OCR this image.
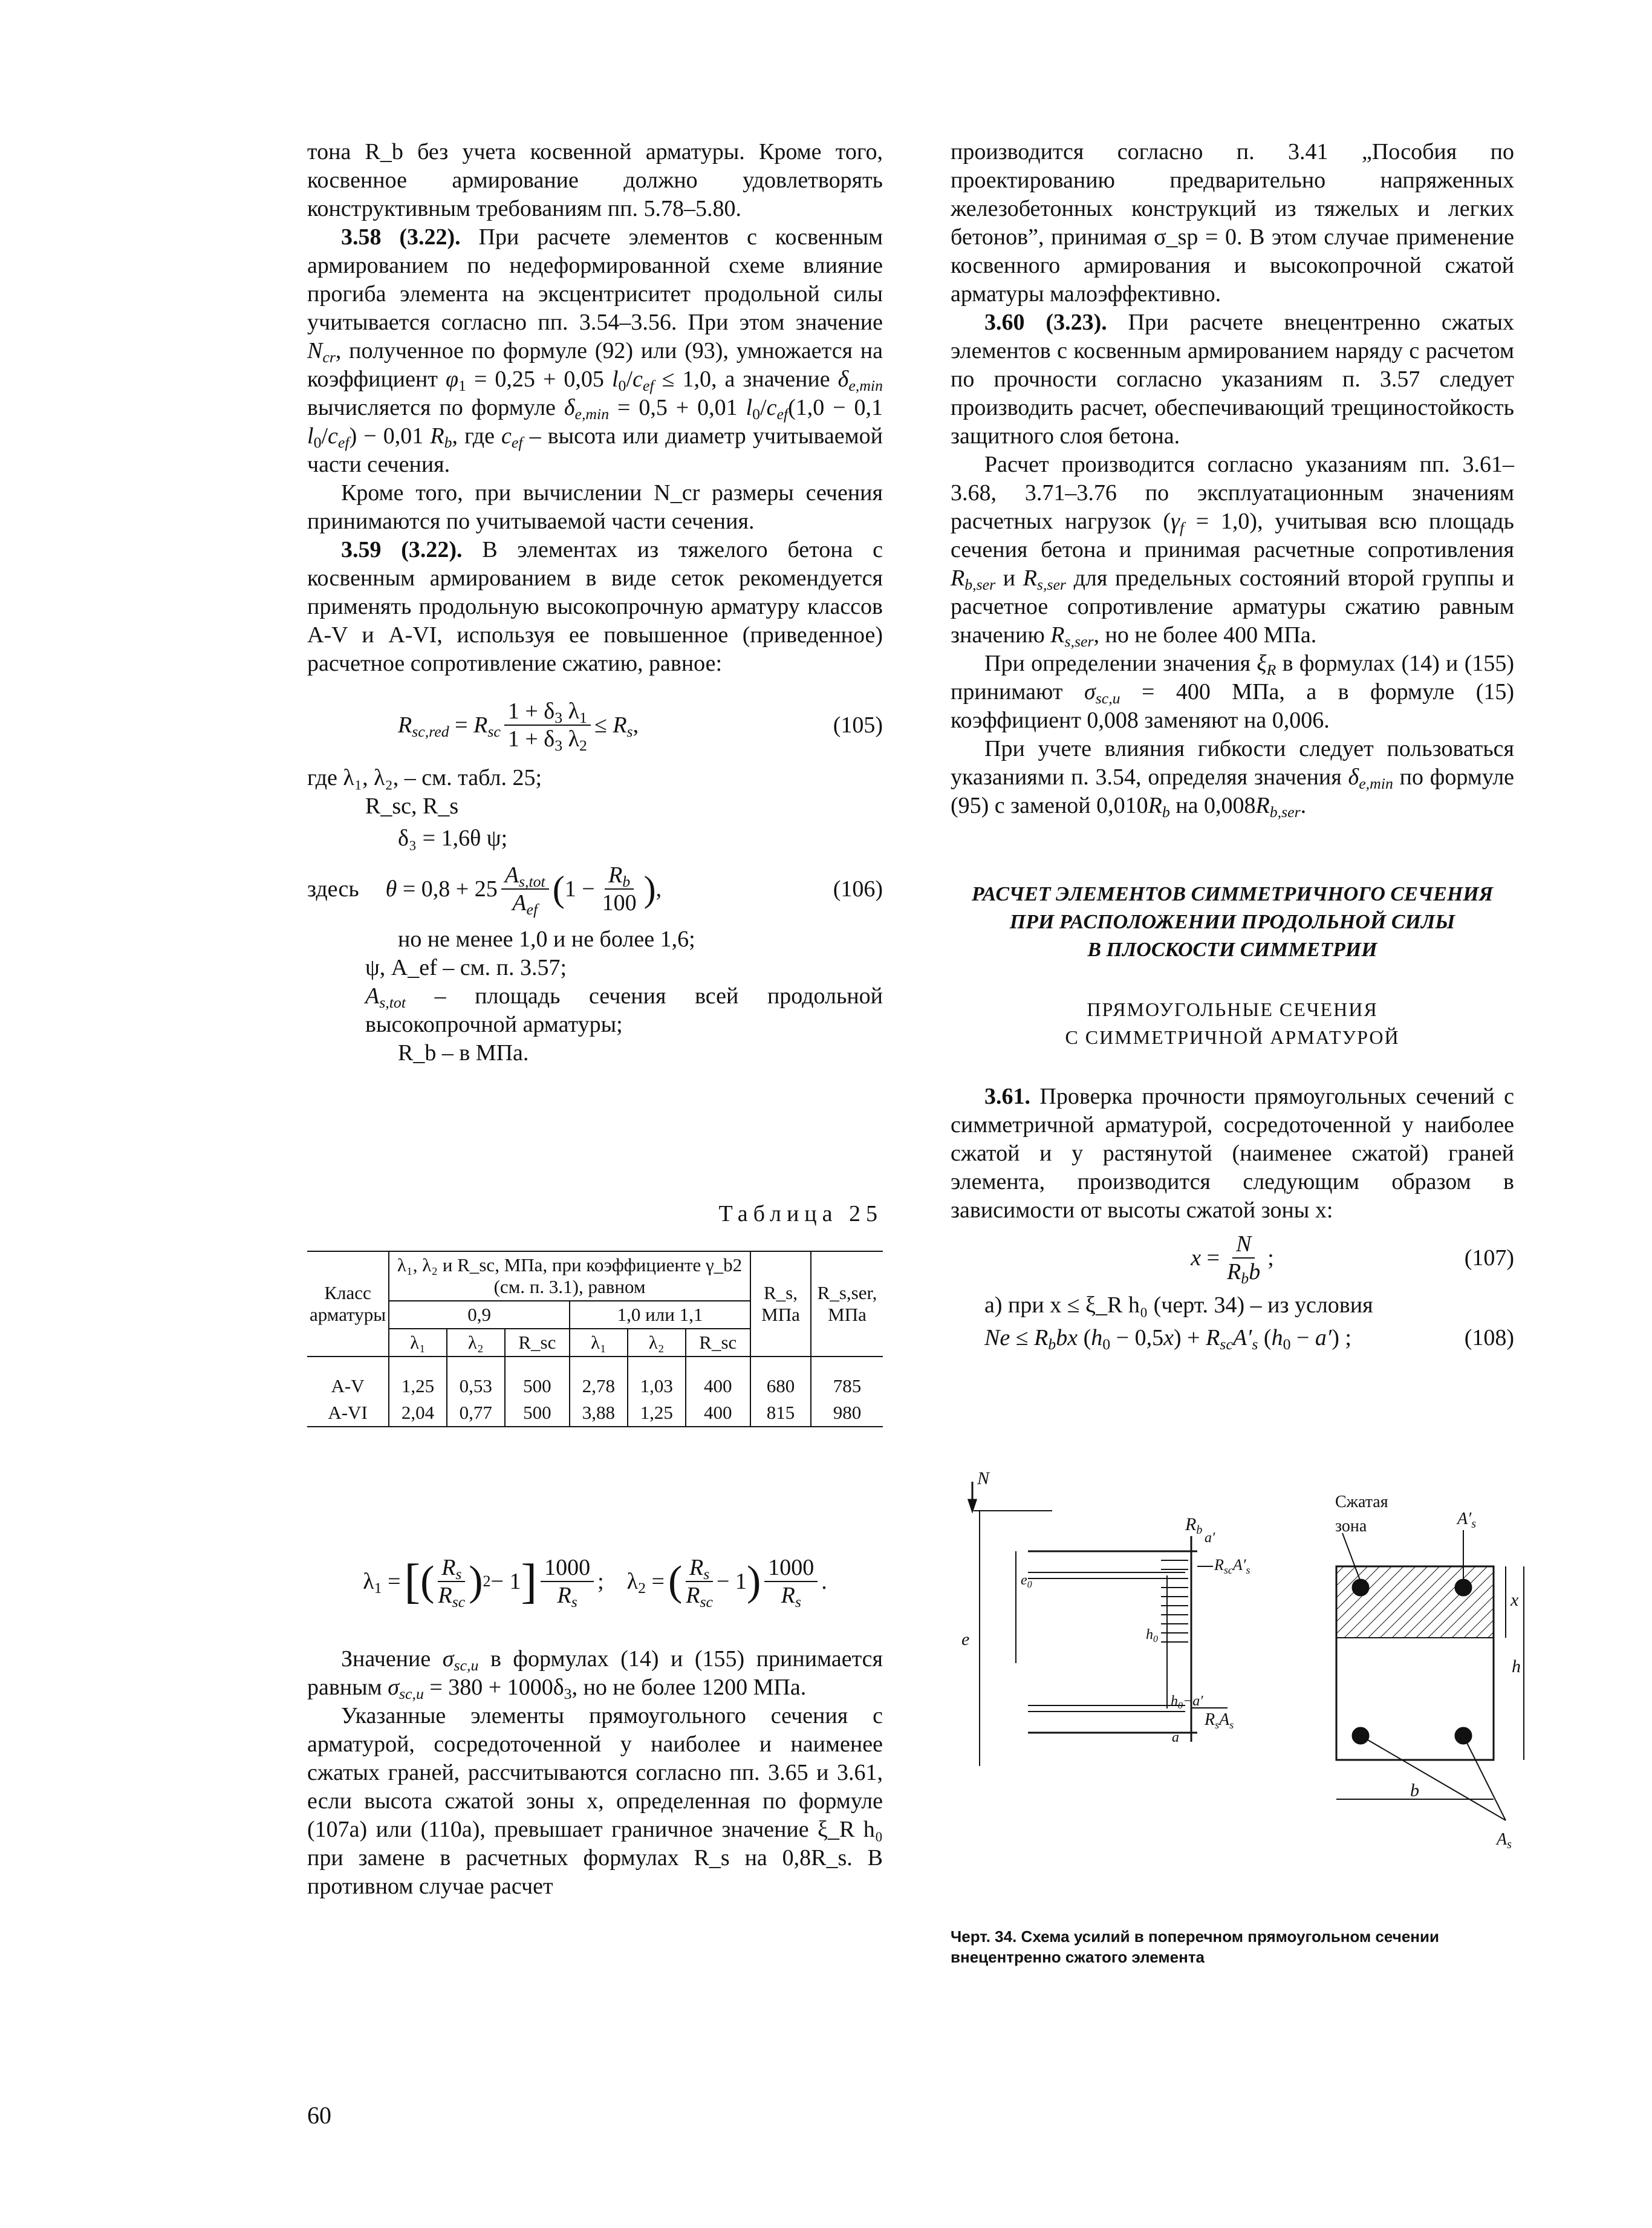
тона R_b без учета косвенной арматуры. Кроме того, косвенное армирование должно удовлетворять конструктивным требованиям пп. 5.78–5.80.

3.58 (3.22). При расчете элементов с косвенным армированием по недеформированной схеме влияние прогиба элемента на эксцентриситет продольной силы учитывается согласно пп. 3.54–3.56. При этом значение $N_{cr}$, полученное по формуле (92) или (93), умножается на коэффициент $\varphi_1 = 0,25 + 0,05$ $l_0/c_{ef} \le 1,0$, а значение $\delta_{e,min}$ вычисляется по формуле $\delta_{e,min} = 0,5 + 0,01$ $l_0/c_{ef}(1,0 - 0,1$ $l_0/c_{ef}) - 0,01$ $R_b$, где $c_{ef}$ – высота или диаметр учитываемой части сечения.

Кроме того, при вычислении N_cr размеры сечения принимаются по учитываемой части сечения.

3.59 (3.22). В элементах из тяжелого бетона с косвенным армированием в виде сеток рекомендуется применять продольную высокопрочную арматуру классов A-V и A-VI, используя ее повышенное (приведенное) расчетное сопротивление сжатию, равное:

$R_{sc,red} = R_{sc} \frac{1 + \delta_3 \lambda_1}{1 + \delta_3 \lambda_2} \le R_s$,	(105)

где λ₁, λ₂, – см. табл. 25;

R_sc, R_s

δ₃ = 1,6θ ψ;

здесь $\theta = 0,8 + 25 \frac{A_{s,tot}}{A_{ef}}$ ( $1 - \frac{R_b}{100}$ ) ,	(106)

но не менее 1,0 и не более 1,6;

ψ, A_ef – см. п. 3.57;

$A_{s,tot}$ – площадь сечения всей продольной высокопрочной арматуры;

R_b – в МПа.

Таблица 25
Класс арматуры	λ₁, λ₂ и R_sc, МПа, при коэффициенте γ_b2 (см. п. 3.1), равном						R_s, МПа	R_s,ser, МПа
	0,9			1,0 или 1,1				
	λ₁	λ₂	R_sc	λ₁	λ₂	R_sc		
A-V	1,25	0,53	500	2,78	1,03	400	680	785
A-VI	2,04	0,77	500	3,88	1,25	400	815	980
$\lambda_1$ = [ ( $\frac{R_s}{R_{sc}}$ ) 2 − 1 ] $\frac{1000}{R_s}$ ;    $\lambda_2$ = ( $\frac{R_s}{R_{sc}} - 1$ ) $\frac{1000}{R_s}$ .

Значение $\sigma_{sc,u}$ в формулах (14) и (155) принимается равным $\sigma_{sc,u} = 380 + 1000\delta_3$, но не более 1200 МПа.

Указанные элементы прямоугольного сечения с арматурой, сосредоточенной у наиболее и наименее сжатых граней, рассчитываются согласно пп. 3.65 и 3.61, если высота сжатой зоны x, определенная по формуле (107а) или (110а), превышает граничное значение ξ_R h₀ при замене в расчетных формулах R_s на 0,8R_s. В противном случае расчет

60

производится согласно п. 3.41 „Пособия по проектированию предварительно напряженных железобетонных конструкций из тяжелых и легких бетонов”, принимая σ_sp = 0. В этом случае применение косвенного армирования и высокопрочной сжатой арматуры малоэффективно.

3.60 (3.23). При расчете внецентренно сжатых элементов с косвенным армированием наряду с расчетом по прочности согласно указаниям п. 3.57 следует производить расчет, обеспечивающий трещиностойкость защитного слоя бетона.

Расчет производится согласно указаниям пп. 3.61–3.68, 3.71–3.76 по эксплуатационным значениям расчетных нагрузок $(\gamma_f = 1,0)$, учитывая всю площадь сечения бетона и принимая расчетные сопротивления $R_{b,ser}$ и $R_{s,ser}$ для предельных состояний второй группы и расчетное сопротивление арматуры сжатию равным значению $R_{s,ser}$, но не более 400 МПа.

При определении значения $\xi_R$ в формулах (14) и (155) принимают $\sigma_{sc,u} = 400$ МПа, а в формуле (15) коэффициент 0,008 заменяют на 0,006.

При учете влияния гибкости следует пользоваться указаниями п. 3.54, определяя значения $\delta_{e,min}$ по формуле (95) с заменой $0,010R_b$ на $0,008R_{b,ser}$.

РАСЧЕТ ЭЛЕМЕНТОВ СИММЕТРИЧНОГО СЕЧЕНИЯ

ПРИ РАСПОЛОЖЕНИИ ПРОДОЛЬНОЙ СИЛЫ

В ПЛОСКОСТИ СИММЕТРИИ

ПРЯМОУГОЛЬНЫЕ СЕЧЕНИЯ

С СИММЕТРИЧНОЙ АРМАТУРОЙ

3.61. Проверка прочности прямоугольных сечений с симметричной арматурой, сосредоточенной у наиболее сжатой и у растянутой (наименее сжатой) граней элемента, производится следующим образом в зависимости от высоты сжатой зоны x:

$x = \frac{N}{R_bb}$ ;	(107)

а) при x ≤ ξ_R h₀ (черт. 34) – из условия

$Ne \le R_bbx$ $(h_0 - 0,5x) + R_{sc}A'_s$ $(h_0 - a')$ ;	(108)
N
$R_b$
$R_{sc}A'_s$
$R_sA_s$
e
$e_0$
$h_0$
$h_0-a'$
a
a′
Сжатая
зона	$A'_s$
x
h
b
$A_s$
Черт. 34. Схема усилий в поперечном прямоугольном сечении внецентренно сжатого элемента
